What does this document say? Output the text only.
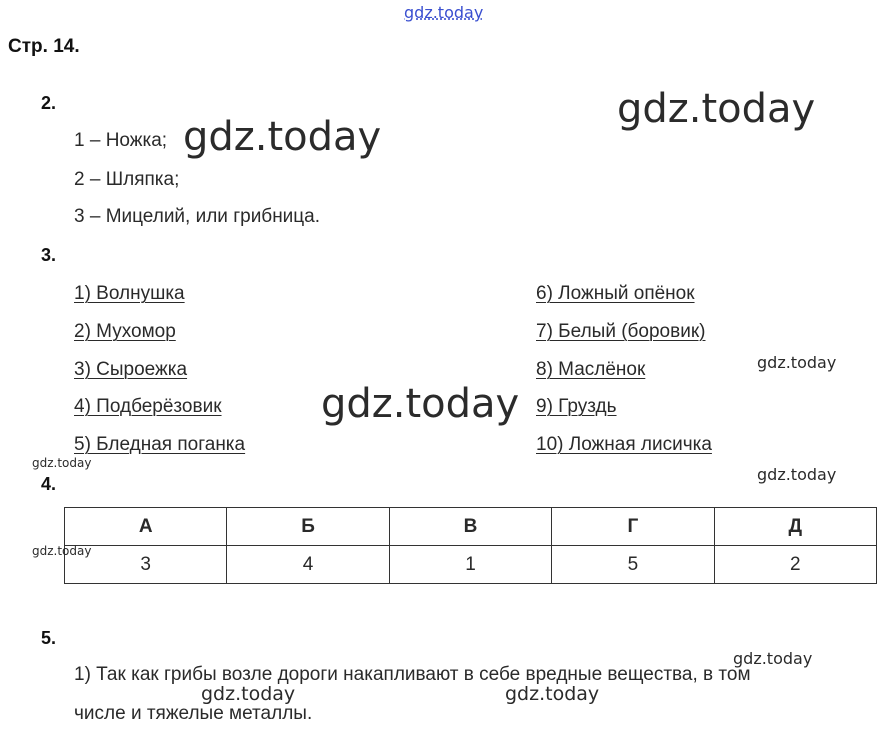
gdz.today
Стр. 14.
2.
1 – Ножка;
2 – Шляпка;
3 – Мицелий, или грибница.
3.
1) Волнушка
2) Мухомор
3) Сыроежка
4) Подберёзовик
5) Бледная поганка
6) Ложный опёнок
7) Белый (боровик)
8) Маслёнок
9) Груздь
10) Ложная лисичка
4.
А	Б	В	Г	Д
3	4	1	5	2
5.
1) Так как грибы возле дороги накапливают в себе вредные вещества, в том
числе и тяжелые металлы.
gdz.today
gdz.today
gdz.today
gdz.today
gdz.today
gdz.today
gdz.today
gdz.today
gdz.today	gdz.today
